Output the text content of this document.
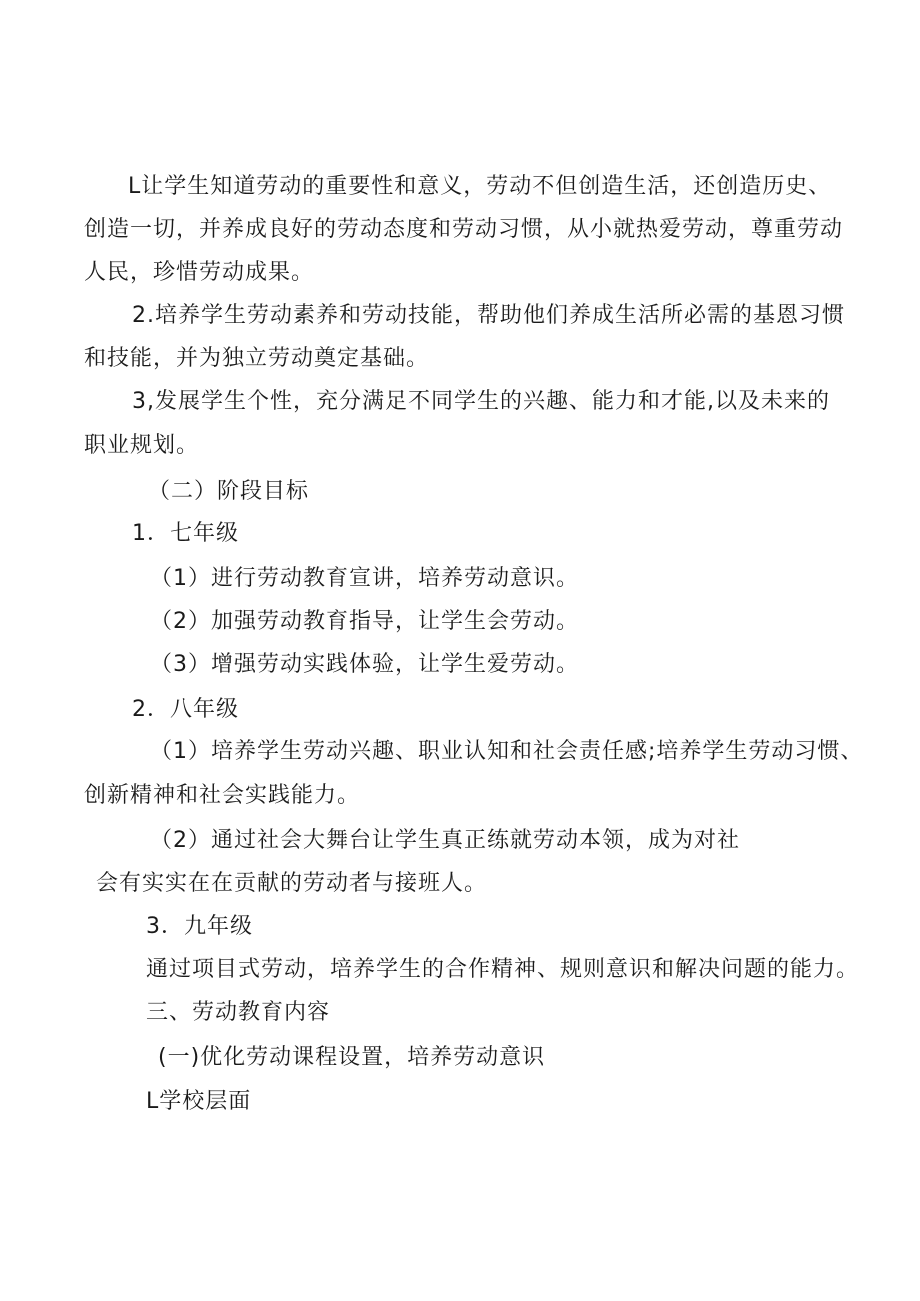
L让学生知道劳动的重要性和意义，劳动不但创造生活，还创造历史、
创造一切，并养成良好的劳动态度和劳动习惯，从小就热爱劳动，尊重劳动
人民，珍惜劳动成果。
2.培养学生劳动素养和劳动技能，帮助他们养成生活所必需的基恩习惯
和技能，并为独立劳动奠定基础。
3,发展学生个性，充分满足不同学生的兴趣、能力和才能,以及未来的
职业规划。
（二）阶段目标
1．七年级
（1）进行劳动教育宣讲，培养劳动意识。
（2）加强劳动教育指导，让学生会劳动。
（3）增强劳动实践体验，让学生爱劳动。
2．八年级
（1）培养学生劳动兴趣、职业认知和社会责任感;培养学生劳动习惯、
创新精神和社会实践能力。
（2）通过社会大舞台让学生真正练就劳动本领，成为对社
会有实实在在贡献的劳动者与接班人。
3．九年级
通过项目式劳动，培养学生的合作精神、规则意识和解决问题的能力。
三、劳动教育内容
(一)优化劳动课程设置，培养劳动意识
L学校层面
